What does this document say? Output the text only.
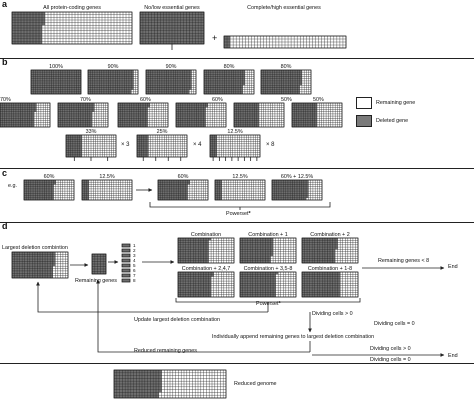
a
b
c
d
All protein-coding genes	No/low essential genes	Complete/high essential genes
+
100%	90%	90%	80%	80%
70%	70%	60%	60%	50%	50%
33%	25%	12.5%
× 3	× 4	× 8
Remaining gene
Deleted gene
e.g.
60%	12.5%	60%	12.5%	60% + 12.5%
Powerset*
Largest deletion combintion
Remaining genes
1
2
3
4
5
6
7
8
Combination	Combination + 1	Combination + 2
Combination + 2,4,7	Combination + 3,5-8	Combination + 1-8
Powerset*
Remaining genes < 8
End
Update largest deletion combination
Dividing cells > 0
Dividing cells = 0
Individually append remaining genes to largest deletion combination
Reduced remaining genes	Dividing cells > 0
Dividing cells = 0
End
Reduced genome
